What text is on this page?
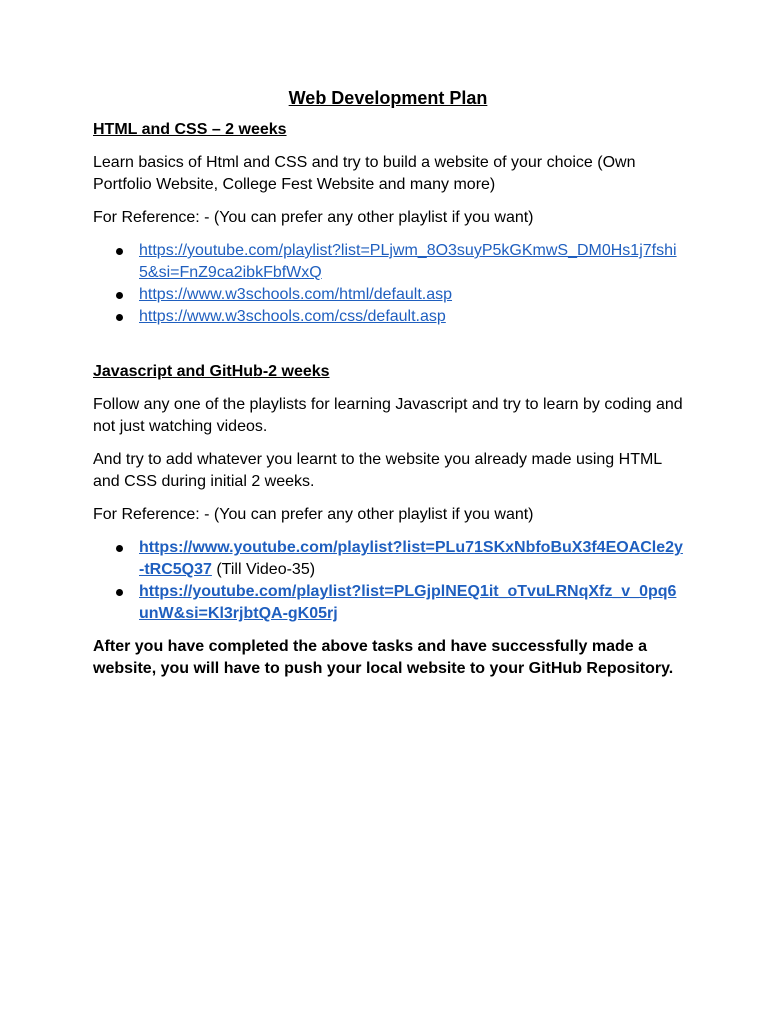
Web Development Plan
HTML and CSS – 2 weeks

Learn basics of Html and CSS and try to build a website of your choice (Own Portfolio Website, College Fest Website and many more)

For Reference: - (You can prefer any other playlist if you want)

https://youtube.com/playlist?list=PLjwm_8O3suyP5kGKmwS_DM0Hs1j7fshi5&si=FnZ9ca2ibkFbfWxQ
https://www.w3schools.com/html/default.asp
https://www.w3schools.com/css/default.asp
Javascript and GitHub-2 weeks

Follow any one of the playlists for learning Javascript and try to learn by coding and not just watching videos.

And try to add whatever you learnt to the website you already made using HTML and CSS during initial 2 weeks.

For Reference: - (You can prefer any other playlist if you want)

https://www.youtube.com/playlist?list=PLu71SKxNbfoBuX3f4EOACle2y-tRC5Q37 (Till Video-35)
https://youtube.com/playlist?list=PLGjplNEQ1it_oTvuLRNqXfz_v_0pq6unW&si=Kl3rjbtQA-gK05rj

After you have completed the above tasks and have successfully made a website, you will have to push your local website to your GitHub Repository.
